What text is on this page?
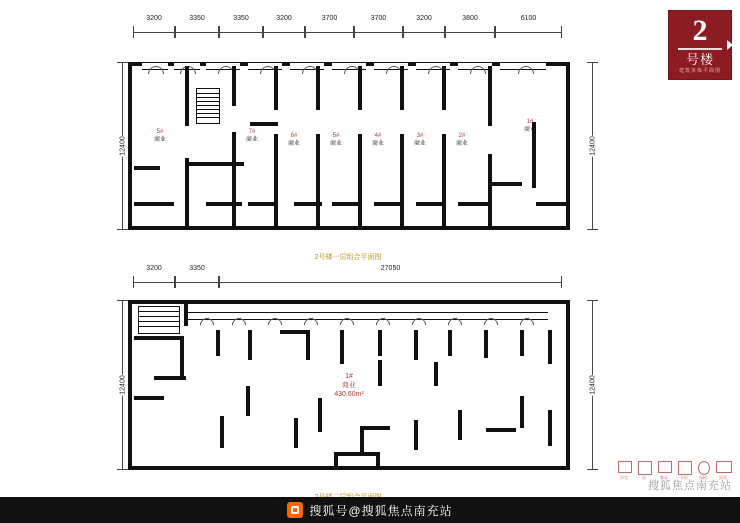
2
号楼
建筑单体平面图
3200	3350	3350	3200	3700	3700	3200	3800	6100
12400	12400
5#
商业
7#
商业
6#
商业
5#
商业
4#
商业
3#
商业
2#
商业
1#
商业
2号楼一层组合平面图
3200	3350	27050
12400	12400
1#
商业
430.60m²
沙发	床	餐桌	衣柜	绿植	厨具
搜狐焦点南充站
搜狐号@搜狐焦点南充站
